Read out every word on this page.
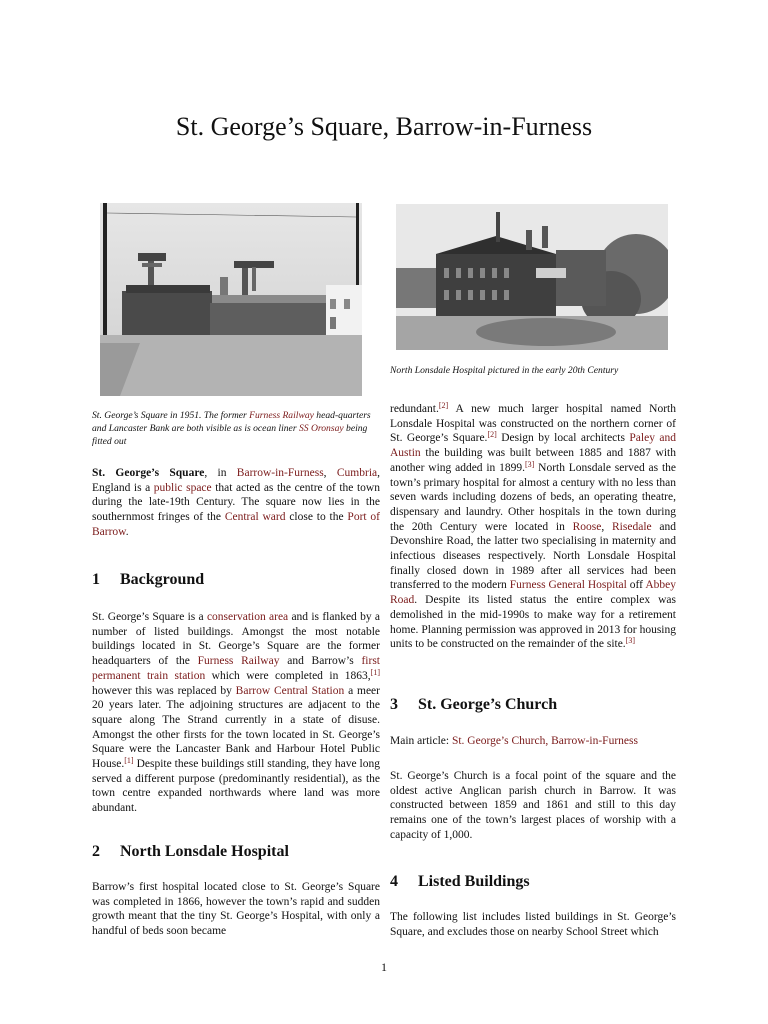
St. George’s Square, Barrow-in-Furness

St. George’s Square in 1951. The former Furness Railway head-quarters and Lancaster Bank are both visible as is ocean liner SS Oronsay being fitted out

St. George’s Square, in Barrow-in-Furness, Cumbria, England is a public space that acted as the centre of the town during the late-19th Century. The square now lies in the southernmost fringes of the Central ward close to the Port of Barrow.

1 Background

St. George’s Square is a conservation area and is flanked by a number of listed buildings. Amongst the most notable buildings located in St. George’s Square are the former headquarters of the Furness Railway and Barrow’s first permanent train station which were completed in 1863,[1] however this was replaced by Barrow Central Station a meer 20 years later. The adjoining structures are adjacent to the square along The Strand currently in a state of disuse. Amongst the other firsts for the town located in St. George’s Square were the Lancaster Bank and Harbour Hotel Public House.[1] Despite these buildings still standing, they have long served a different purpose (predominantly residential), as the town centre expanded northwards where land was more abundant.

2 North Lonsdale Hospital

Barrow’s first hospital located close to St. George’s Square was completed in 1866, however the town’s rapid and sudden growth meant that the tiny St. George’s Hospital, with only a handful of beds soon became

North Lonsdale Hospital pictured in the early 20th Century

redundant.[2] A new much larger hospital named North Lonsdale Hospital was constructed on the northern corner of St. George’s Square.[2] Design by local architects Paley and Austin the building was built between 1885 and 1887 with another wing added in 1899.[3] North Lonsdale served as the town’s primary hospital for almost a century with no less than seven wards including dozens of beds, an operating theatre, dispensary and laundry. Other hospitals in the town during the 20th Century were located in Roose, Risedale and Devonshire Road, the latter two specialising in maternity and infectious diseases respectively. North Lonsdale Hospital finally closed down in 1989 after all services had been transferred to the modern Furness General Hospital off Abbey Road. Despite its listed status the entire complex was demolished in the mid-1990s to make way for a retirement home. Planning permission was approved in 2013 for housing units to be constructed on the remainder of the site.[3]

3 St. George’s Church

Main article: St. George’s Church, Barrow-in-Furness

St. George’s Church is a focal point of the square and the oldest active Anglican parish church in Barrow. It was constructed between 1859 and 1861 and still to this day remains one of the town’s largest places of worship with a capacity of 1,000.

4 Listed Buildings

The following list includes listed buildings in St. George’s Square, and excludes those on nearby School Street which

1
